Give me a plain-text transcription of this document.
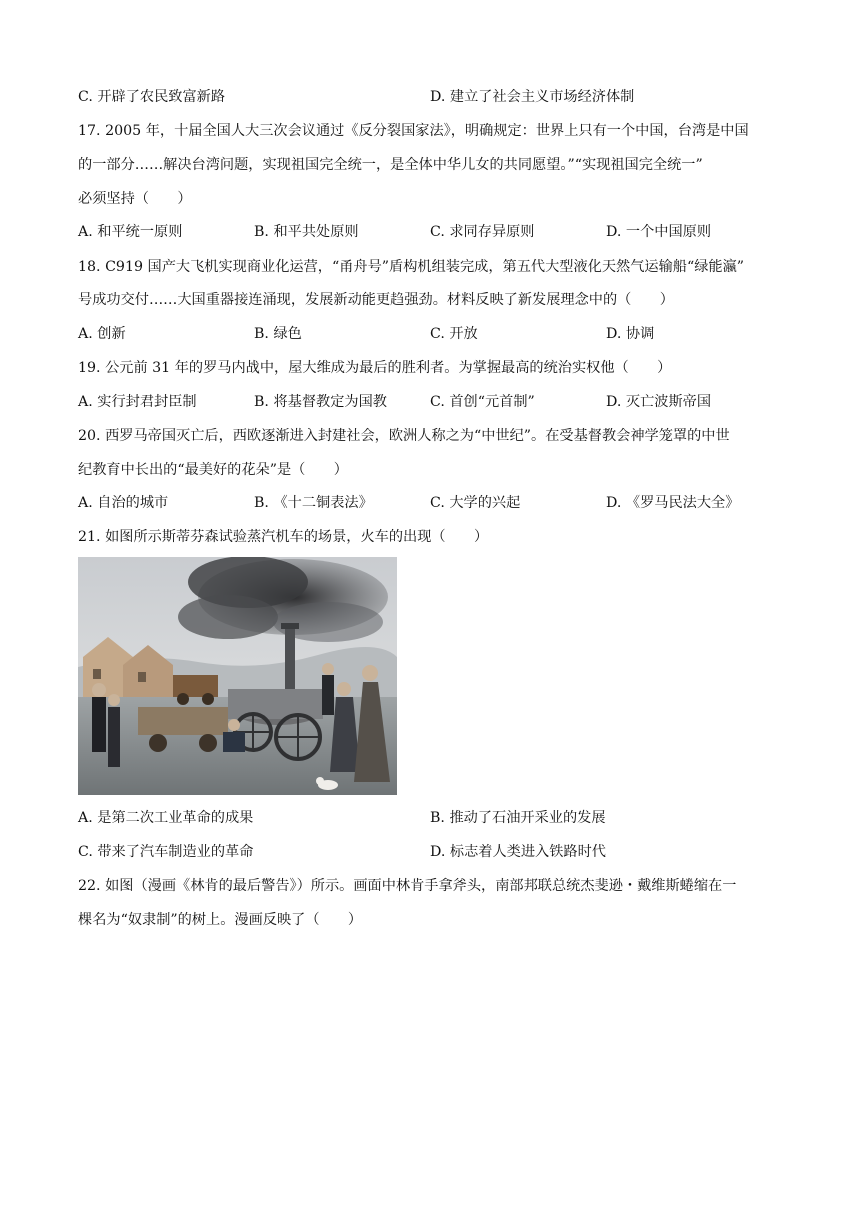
C. 开辟了农民致富新路	D. 建立了社会主义市场经济体制
17. 2005 年，十届全国人大三次会议通过《反分裂国家法》，明确规定：世界上只有一个中国，台湾是中国
的一部分……解决台湾问题，实现祖国完全统一，是全体中华儿女的共同愿望。”“实现祖国完全统一”
必须坚持（　　）
A. 和平统一原则	B. 和平共处原则	C. 求同存异原则	D. 一个中国原则
18. C919 国产大飞机实现商业化运营，“甬舟号”盾构机组装完成，第五代大型液化天然气运输船“绿能瀛”
号成功交付……大国重器接连涌现，发展新动能更趋强劲。材料反映了新发展理念中的（　　）
A. 创新	B. 绿色	C. 开放	D. 协调
19. 公元前 31 年的罗马内战中，屋大维成为最后的胜利者。为掌握最高的统治实权他（　　）
A. 实行封君封臣制	B. 将基督教定为国教	C. 首创“元首制”	D. 灭亡波斯帝国
20. 西罗马帝国灭亡后，西欧逐渐进入封建社会，欧洲人称之为“中世纪”。在受基督教会神学笼罩的中世
纪教育中长出的“最美好的花朵”是（　　）
A. 自治的城市	B. 《十二铜表法》	C. 大学的兴起	D. 《罗马民法大全》
21. 如图所示斯蒂芬森试验蒸汽机车的场景，火车的出现（　　）
A. 是第二次工业革命的成果	B. 推动了石油开采业的发展
C. 带来了汽车制造业的革命	D. 标志着人类进入铁路时代
22. 如图（漫画《林肯的最后警告》）所示。画面中林肯手拿斧头，南部邦联总统杰斐逊・戴维斯蜷缩在一
棵名为“奴隶制”的树上。漫画反映了（　　）
